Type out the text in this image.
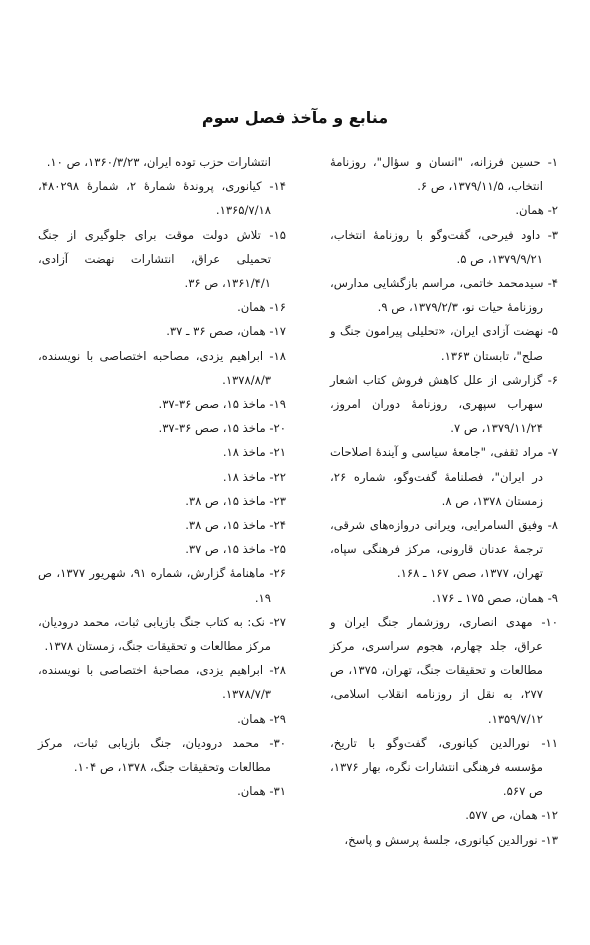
منابع و مآخذ فصل سوم

۱- حسین فرزانه، "انسان و سؤال"، روزنامهٔ انتخاب، ۱۳۷۹/۱۱/۵، ص ۶.

۲- همان.

۳- داود فیرحی، گفت‌وگو با روزنامهٔ انتخاب، ۱۳۷۹/۹/۲۱، ص ۵.

۴- سیدمحمد خاتمی، مراسم بازگشایی مدارس، روزنامهٔ حیات نو، ۱۳۷۹/۲/۳، ص ۹.

۵- نهضت آزادی ایران، «تحلیلی پیرامون جنگ و صلح"، تابستان ۱۳۶۳.

۶- گزارشی از علل کاهش فروش کتاب اشعار سهراب سپهری، روزنامهٔ دوران امروز، ۱۳۷۹/۱۱/۲۴، ص ۷.

۷- مراد ثقفی، "جامعهٔ سیاسی و آیندهٔ اصلاحات در ایران"، فصلنامهٔ گفت‌وگو، شماره ۲۶، زمستان ۱۳۷۸، ص ۸.

۸- وفیق السامرایی، ویرانی دروازه‌های شرقی، ترجمهٔ عدنان قارونی، مرکز فرهنگی سپاه، تهران، ۱۳۷۷، صص ۱۶۷ ـ ۱۶۸.

۹- همان، صص ۱۷۵ ـ ۱۷۶.

۱۰- مهدی انصاری، روزشمار جنگ ایران و عراق، جلد چهارم، هجوم سراسری، مرکز مطالعات و تحقیقات جنگ، تهران، ۱۳۷۵، ص ۲۷۷، به نقل از روزنامه انقلاب اسلامی، ۱۳۵۹/۷/۱۲.

۱۱- نورالدین کیانوری، گفت‌وگو با تاریخ، مؤسسه فرهنگی انتشارات نگره، بهار ۱۳۷۶، ص ۵۶۷.

۱۲- همان، ص ۵۷۷.

۱۳- نورالدین کیانوری، جلسهٔ پرسش و پاسخ،

انتشارات حزب توده ایران، ۱۳۶۰/۳/۲۳، ص ۱۰.

۱۴- کیانوری، پروندهٔ شمارهٔ ۲، شمارهٔ ۴۸۰۲۹۸، ۱۳۶۵/۷/۱۸.

۱۵- تلاش دولت موقت برای جلوگیری از جنگ تحمیلی عراق، انتشارات نهضت آزادی، ۱۳۶۱/۴/۱، ص ۳۶.

۱۶- همان.

۱۷- همان، صص ۳۶ ـ ۳۷.

۱۸- ابراهیم یزدی، مصاحبه اختصاصی با نویسنده، ۱۳۷۸/۸/۳.

۱۹- ماخذ ۱۵، صص ۳۶-۳۷.

۲۰- ماخذ ۱۵، صص ۳۶-۳۷.

۲۱- ماخذ ۱۸.

۲۲- ماخذ ۱۸.

۲۳- ماخذ ۱۵، ص ۳۸.

۲۴- ماخذ ۱۵، ص ۳۸.

۲۵- ماخذ ۱۵، ص ۳۷.

۲۶- ماهنامهٔ گزارش، شماره ۹۱، شهریور ۱۳۷۷، ص ۱۹.

۲۷- نک: به کتاب جنگ بازیابی ثبات، محمد درودیان، مرکز مطالعات و تحقیقات جنگ، زمستان ۱۳۷۸.

۲۸- ابراهیم یزدی، مصاحبهٔ اختصاصی با نویسنده، ۱۳۷۸/۷/۳.

۲۹- همان.

۳۰- محمد درودیان، جنگ بازیابی ثبات، مرکز مطالعات وتحقیقات جنگ، ۱۳۷۸، ص ۱۰۴.

۳۱- همان.
